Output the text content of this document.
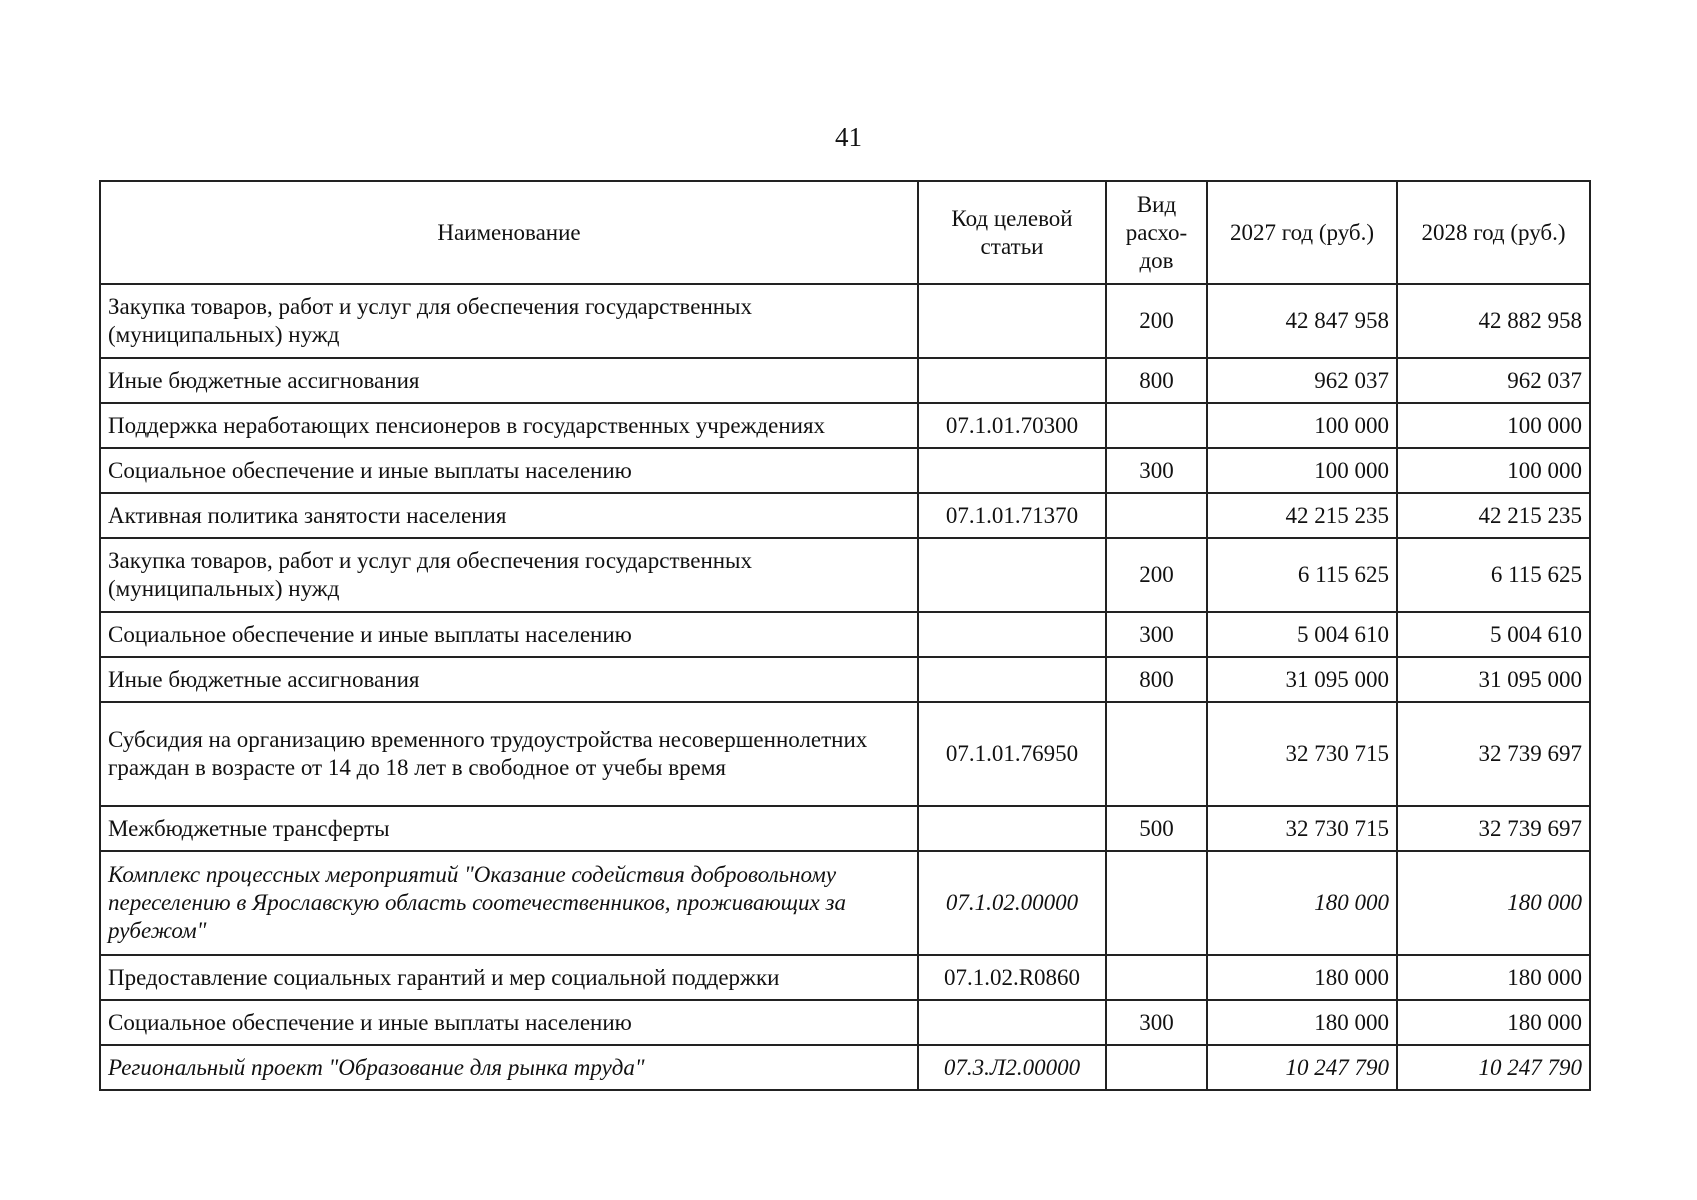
41
Наименование	Код целевой статьи	Вид расхо-дов	2027 год (руб.)	2028 год (руб.)
Закупка товаров, работ и услуг для обеспечения государственных (муниципальных) нужд		200	42 847 958	42 882 958
Иные бюджетные ассигнования		800	962 037	962 037
Поддержка неработающих пенсионеров в государственных учреждениях	07.1.01.70300		100 000	100 000
Социальное обеспечение и иные выплаты населению		300	100 000	100 000
Активная политика занятости населения	07.1.01.71370		42 215 235	42 215 235
Закупка товаров, работ и услуг для обеспечения государственных (муниципальных) нужд		200	6 115 625	6 115 625
Социальное обеспечение и иные выплаты населению		300	5 004 610	5 004 610
Иные бюджетные ассигнования		800	31 095 000	31 095 000
Субсидия на организацию временного трудоустройства несовершеннолетних граждан в возрасте от 14 до 18 лет в свободное от учебы время	07.1.01.76950		32 730 715	32 739 697
Межбюджетные трансферты		500	32 730 715	32 739 697
Комплекс процессных мероприятий "Оказание содействия добровольному переселению в Ярославскую область соотечественников, проживающих за рубежом"	07.1.02.00000		180 000	180 000
Предоставление социальных гарантий и мер социальной поддержки	07.1.02.R0860		180 000	180 000
Социальное обеспечение и иные выплаты населению		300	180 000	180 000
Региональный проект "Образование для рынка труда"	07.3.Л2.00000		10 247 790	10 247 790
